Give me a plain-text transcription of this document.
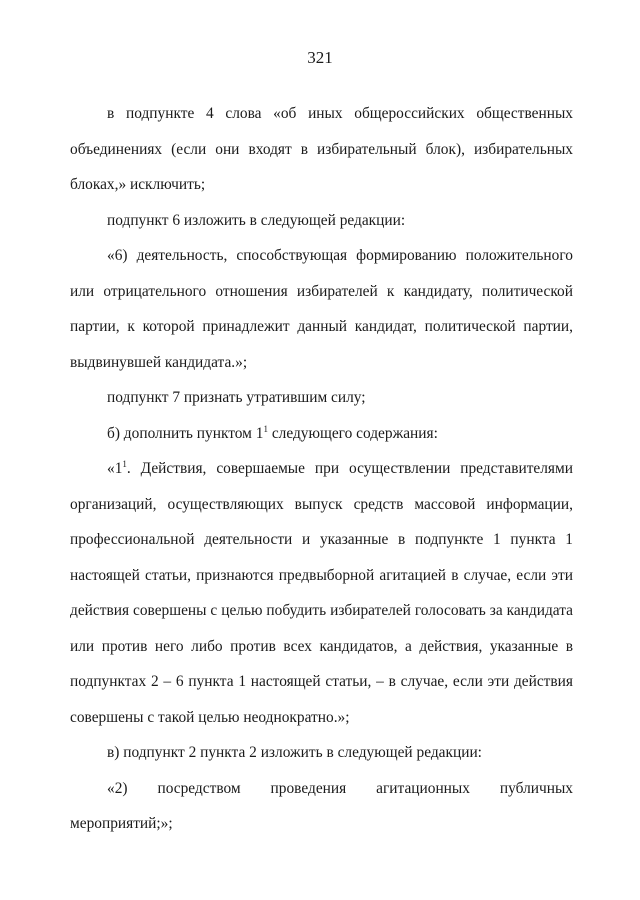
321

в подпункте 4 слова «об иных общероссийских общественных объединениях (если они входят в избирательный блок), избирательных блоках,» исключить;

подпункт 6 изложить в следующей редакции:

«6) деятельность, способствующая формированию положительного или отрицательного отношения избирателей к кандидату, политической партии, к которой принадлежит данный кандидат, политической партии, выдвинувшей кандидата.»;

подпункт 7 признать утратившим силу;

б) дополнить пунктом $1^1$ следующего содержания:

«$1^1$. Действия, совершаемые при осуществлении представителями организаций, осуществляющих выпуск средств массовой информации, профессиональной деятельности и указанные в подпункте 1 пункта 1 настоящей статьи, признаются предвыборной агитацией в случае, если эти действия совершены с целью побудить избирателей голосовать за кандидата или против него либо против всех кандидатов, а действия, указанные в подпунктах 2 – 6 пункта 1 настоящей статьи, – в случае, если эти действия совершены с такой целью неоднократно.»;

в) подпункт 2 пункта 2 изложить в следующей редакции:

«2) посредством проведения агитационных публичных мероприятий;»;
